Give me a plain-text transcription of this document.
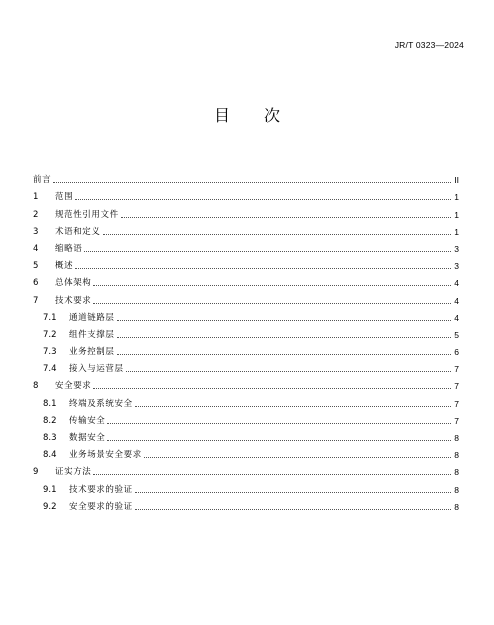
JR/T 0323—2024
目次
前言	II
1	范围	1
2	规范性引用文件	1
3	术语和定义	1
4	缩略语	3
5	概述	3
6	总体架构	4
7	技术要求	4
7.1	通道链路层	4
7.2	组件支撑层	5
7.3	业务控制层	6
7.4	接入与运营层	7
8	安全要求	7
8.1	终端及系统安全	7
8.2	传输安全	7
8.3	数据安全	8
8.4	业务场景安全要求	8
9	证实方法	8
9.1	技术要求的验证	8
9.2	安全要求的验证	8
